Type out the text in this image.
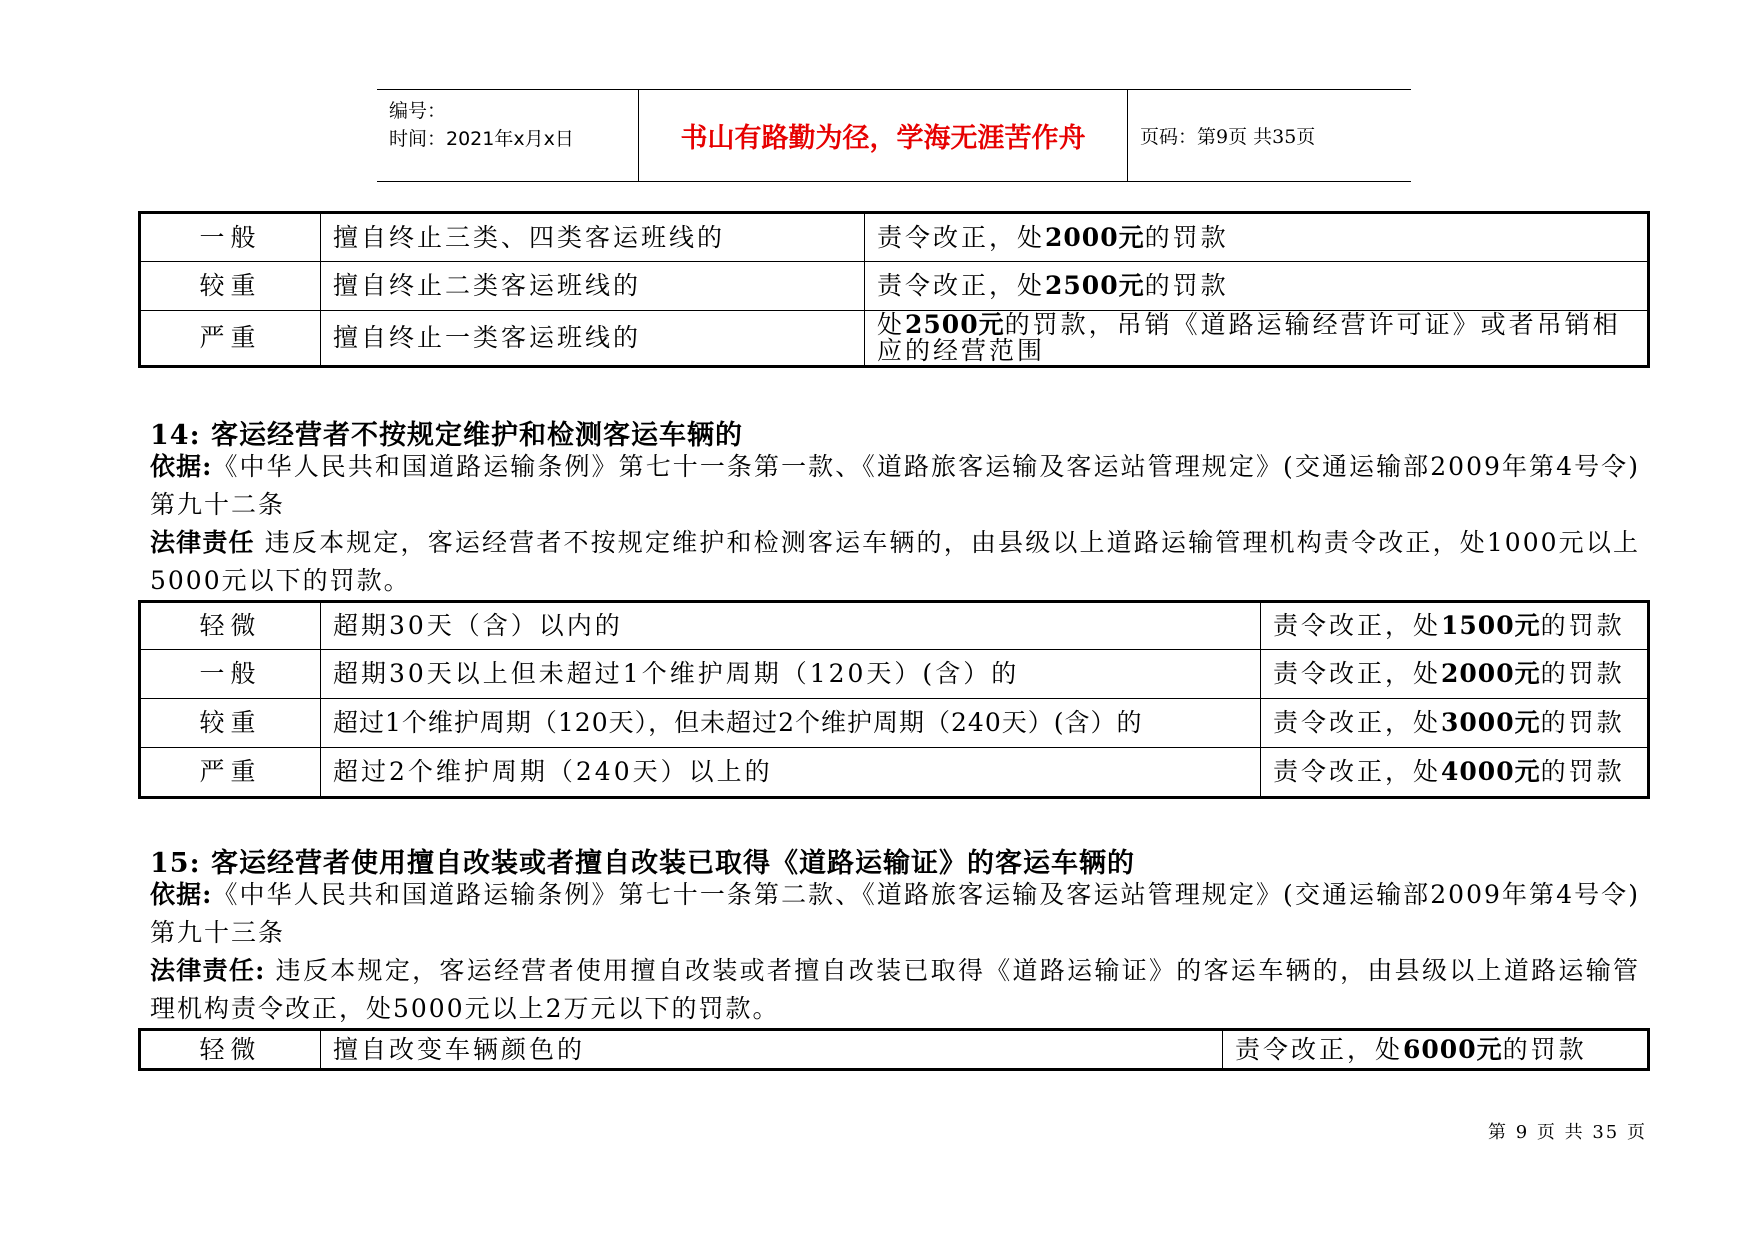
编号：
时间：2021年x月x日	书山有路勤为径，学海无涯苦作舟	页码：第9页 共35页
一般	擅自终止三类、四类客运班线的	责令改正，处2000元的罚款
较重	擅自终止二类客运班线的	责令改正，处2500元的罚款
严重	擅自终止一类客运班线的	处2500元的罚款，吊销《道路运输经营许可证》或者吊销相应的经营范围
14: 客运经营者不按规定维护和检测客运车辆的
依据:《中华人民共和国道路运输条例》第七十一条第一款、《道路旅客运输及客运站管理规定》(交通运输部2009年第4号令)第九十二条
法律责任 违反本规定，客运经营者不按规定维护和检测客运车辆的，由县级以上道路运输管理机构责令改正，处1000元以上5000元以下的罚款。
轻微	超期30天（含）以内的	责令改正，处1500元的罚款
一般	超期30天以上但未超过1个维护周期（120天）(含）的	责令改正，处2000元的罚款
较重	超过1个维护周期（120天），但未超过2个维护周期（240天）(含）的	责令改正，处3000元的罚款
严重	超过2个维护周期（240天）以上的	责令改正，处4000元的罚款
15: 客运经营者使用擅自改装或者擅自改装已取得《道路运输证》的客运车辆的
依据:《中华人民共和国道路运输条例》第七十一条第二款、《道路旅客运输及客运站管理规定》(交通运输部2009年第4号令)第九十三条
法律责任: 违反本规定，客运经营者使用擅自改装或者擅自改装已取得《道路运输证》的客运车辆的，由县级以上道路运输管理机构责令改正，处5000元以上2万元以下的罚款。
轻微	擅自改变车辆颜色的	责令改正，处6000元的罚款
第 9 页 共 35 页
